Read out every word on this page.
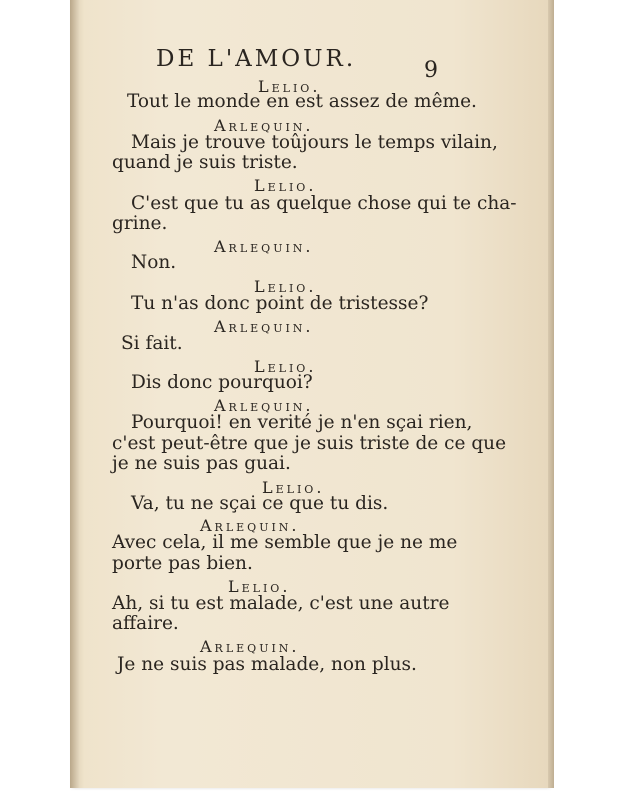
DE L'AMOUR.	9
Lelio.
Tout le monde en est assez de même.
Arlequin.
Mais je trouve toûjours le temps vilain,
quand je suis triste.
Lelio.
C'est que tu as quelque chose qui te cha-
grine.
Arlequin.
Non.
Lelio.
Tu n'as donc point de tristesse?
Arlequin.
Si fait.
Lelio.
Dis donc pourquoi?
Arlequin.
Pourquoi! en verité je n'en sçai rien,
c'est peut-être que je suis triste de ce que
je ne suis pas guai.
Lelio.
Va, tu ne sçai ce que tu dis.
Arlequin.
Avec cela, il me semble que je ne me
porte pas bien.
Lelio.
Ah, si tu est malade, c'est une autre
affaire.
Arlequin.
Je ne suis pas malade, non plus.
